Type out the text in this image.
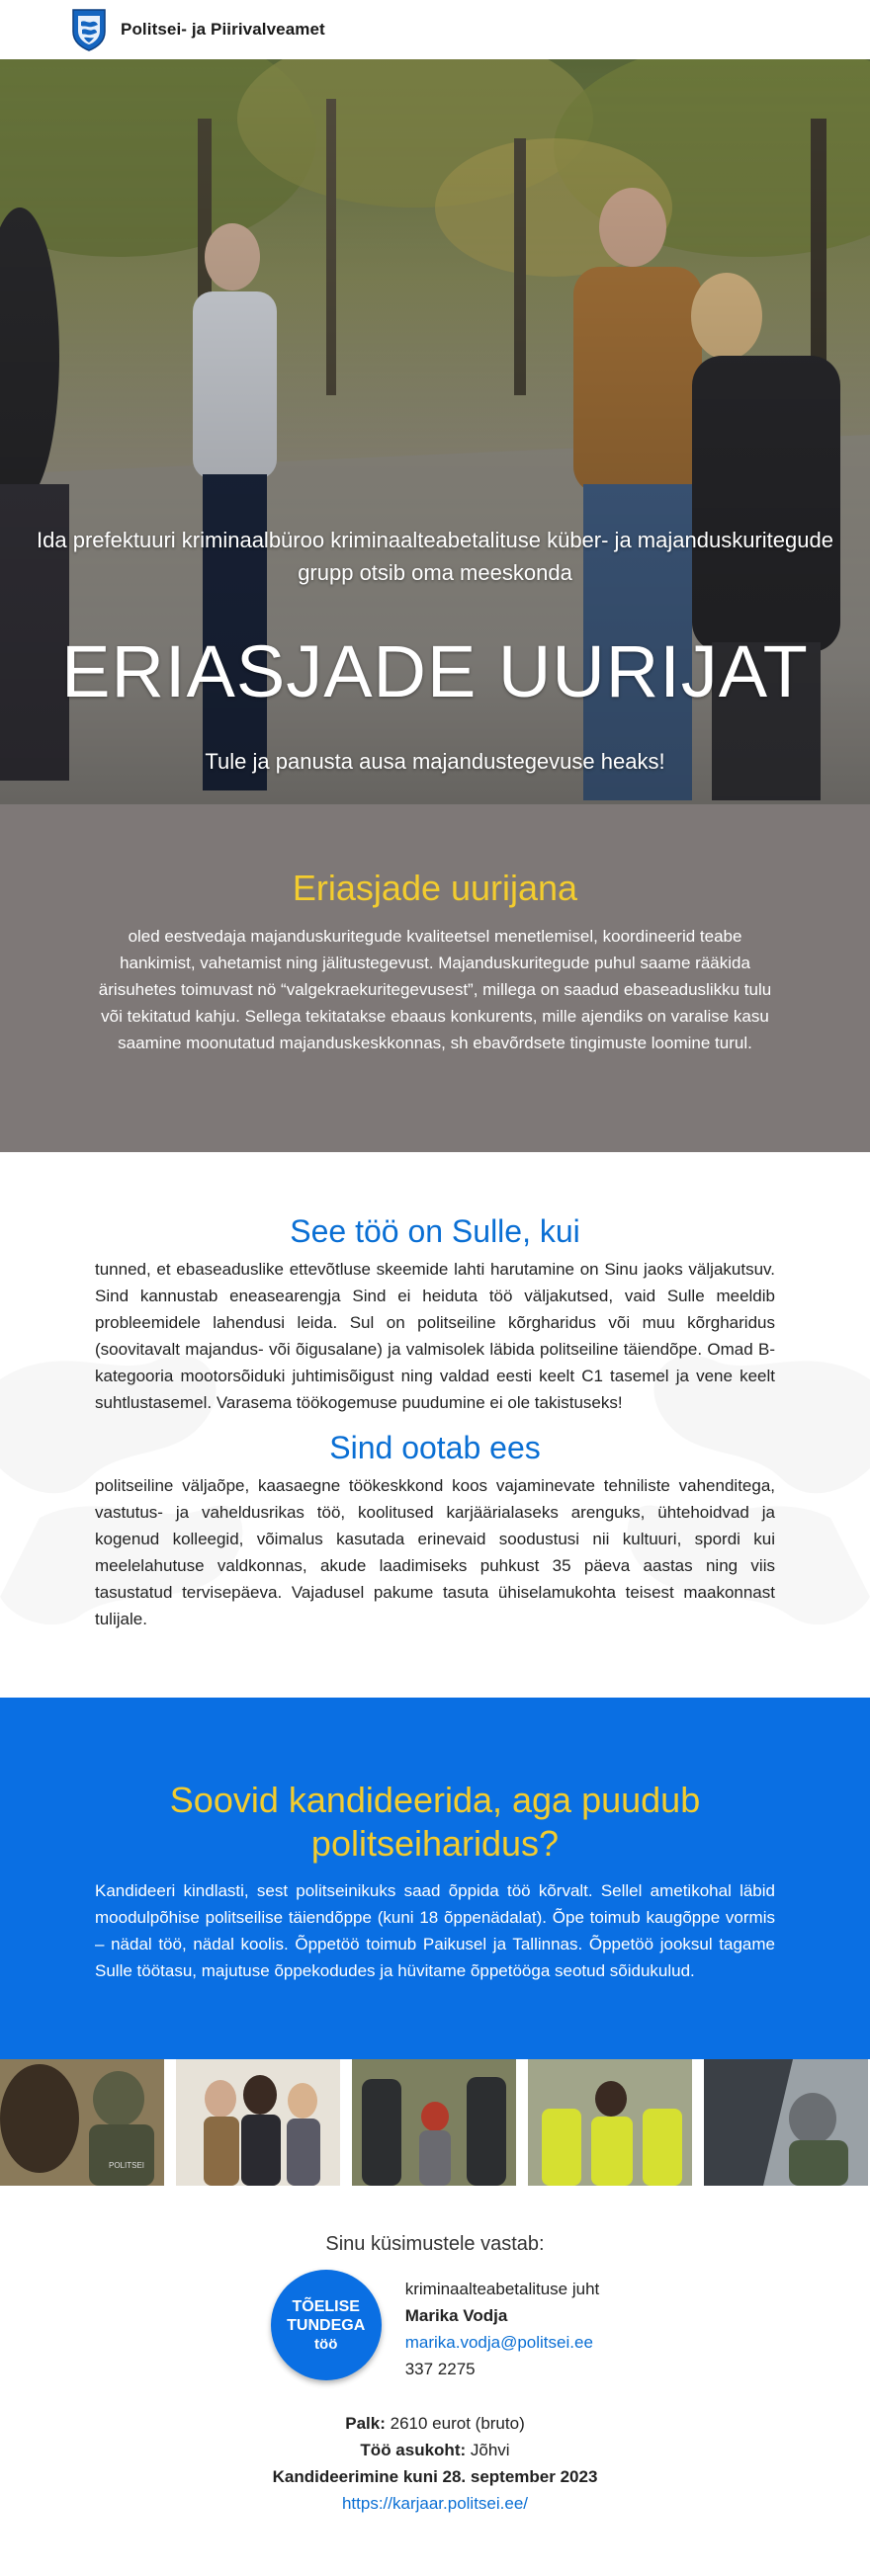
Politsei- ja Piirivalveamet

Ida prefektuuri kriminaalbüroo kriminaalteabetalituse küber- ja majanduskuritegude grupp otsib oma meeskonda

ERIASJADE UURIJAT

Tule ja panusta ausa majandustegevuse heaks!

Eriasjade uurijana

oled eestvedaja majanduskuritegude kvaliteetsel menetlemisel, koordineerid teabe hankimist, vahetamist ning jälitustegevust. Majanduskuritegude puhul saame rääkida ärisuhetes toimuvast nö “valgekraekuritegevusest”, millega on saadud ebaseaduslikku tulu või tekitatud kahju. Sellega tekitatakse ebaaus konkurents, mille ajendiks on varalise kasu saamine moonutatud majanduskeskkonnas, sh ebavõrdsete tingimuste loomine turul.

See töö on Sulle, kui

tunned, et ebaseaduslike ettevõtluse skeemide lahti harutamine on Sinu jaoks väljakutsuv. Sind kannustab eneasearengja Sind ei heiduta töö väljakutsed, vaid Sulle meeldib probleemidele lahendusi leida. Sul on politseiline kõrgharidus või muu kõrgharidus (soovitavalt majandus- või õigusalane) ja valmisolek läbida politseiline täiendõpe. Omad B-kategooria mootorsõiduki juhtimisõigust ning valdad eesti keelt C1 tasemel ja vene keelt suhtlustasemel. Varasema töökogemuse puudumine ei ole takistuseks!

Sind ootab ees

politseiline väljaõpe, kaasaegne töökeskkond koos vajaminevate tehniliste vahenditega, vastutus- ja vaheldusrikas töö, koolitused karjäärialaseks arenguks, ühtehoidvad ja kogenud kolleegid, võimalus kasutada erinevaid soodustusi nii kultuuri, spordi kui meelelahutuse valdkonnas, akude laadimiseks puhkust 35 päeva aastas ning viis tasustatud tervisepäeva. Vajadusel pakume tasuta ühiselamukohta teisest maakonnast tulijale.

Soovid kandideerida, aga puudub politseiharidus?

Kandideeri kindlasti, sest politseinikuks saad õppida töö kõrvalt. Sellel ametikohal läbid moodulpõhise politseilise täiendõppe (kuni 18 õppenädalat). Õpe toimub kaugõppe vormis – nädal töö, nädal koolis. Õppetöö toimub Paikusel ja Tallinnas. Õppetöö jooksul tagame Sulle töötasu, majutuse õppekodudes ja hüvitame õppetööga seotud sõidukulud.

POLITSEI

Sinu küsimustele vastab:

TÕELISE
TUNDEGA
töö
kriminaalteabetalituse juht
Marika Vodja
marika.vodja@politsei.ee
337 2275
Palk: 2610 eurot (bruto)
Töö asukoht: Jõhvi
Kandideerimine kuni 28. september 2023
https://karjaar.politsei.ee/
